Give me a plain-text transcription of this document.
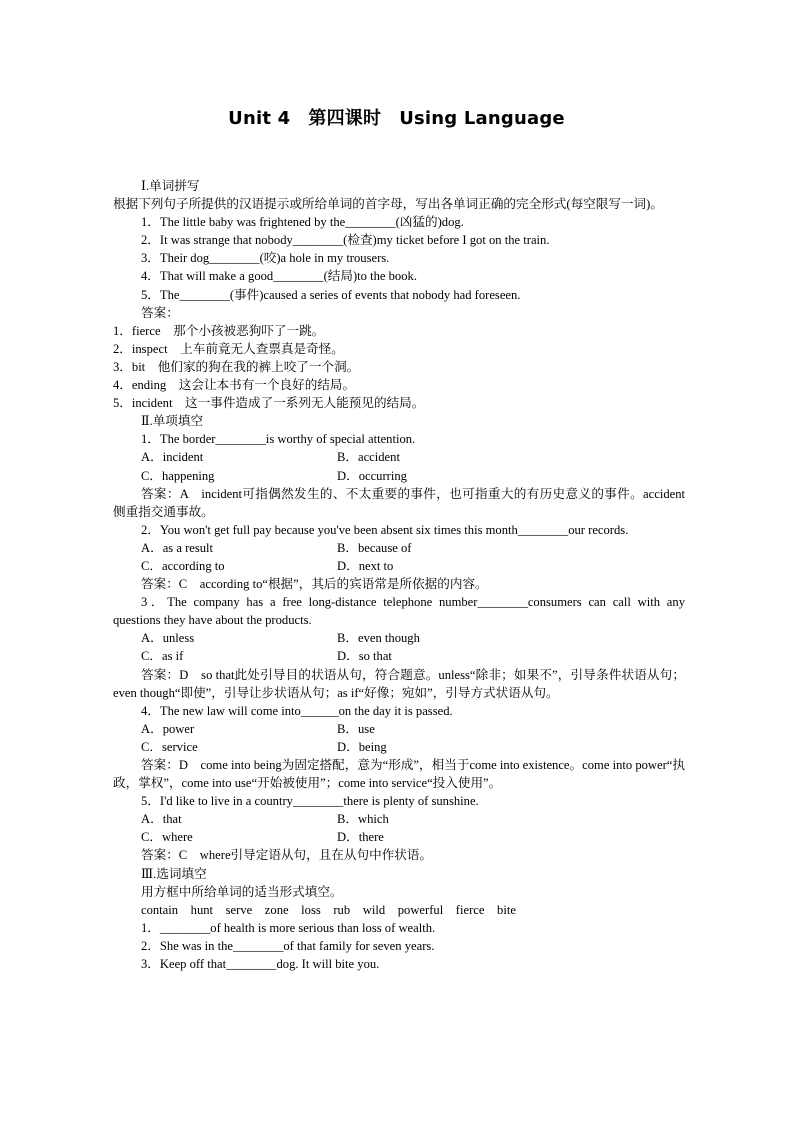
Unit 4 第四课时 Using Language

Ⅰ.单词拼写

根据下列句子所提供的汉语提示或所给单词的首字母，写出各单词正确的完全形式(每空限写一词)。

1．The little baby was frightened by the________(凶猛的)dog.

2．It was strange that nobody________(检查)my ticket before I got on the train.

3．Their dog________(咬)a hole in my trousers.

4．That will make a good________(结局)to the book.

5．The________(事件)caused a series of events that nobody had foreseen.

答案：

1．fierce　那个小孩被恶狗吓了一跳。

2．inspect　上车前竟无人查票真是奇怪。

3．bit　他们家的狗在我的裤上咬了一个洞。

4．ending　这会让本书有一个良好的结局。

5．incident　这一事件造成了一系列无人能预见的结局。

Ⅱ.单项填空

1．The border________is worthy of special attention.

A．incident	B．accident
C．happening	D．occurring

答案：A　incident可指偶然发生的、不太重要的事件，也可指重大的有历史意义的事件。accident侧重指交通事故。

2．You won't get full pay because you've been absent six times this month________our records.

A．as a result	B．because of
C．according to	D．next to

答案：C　according to“根据”，其后的宾语常是所依据的内容。

3．The company has a free long-distance telephone number________consumers can call with any questions they have about the products.

A．unless	B．even though
C．as if	D．so that

答案：D　so that此处引导目的状语从句，符合题意。unless“除非；如果不”，引导条件状语从句；even though“即使”，引导让步状语从句；as if“好像；宛如”，引导方式状语从句。

4．The new law will come into______on the day it is passed.

A．power	B．use
C．service	D．being

答案：D　come into being为固定搭配，意为“形成”，相当于come into existence。come into power“执政，掌权”，come into use“开始被使用”；come into service“投入使用”。

5．I'd like to live in a country________there is plenty of sunshine.

A．that	B．which
C．where	D．there

答案：C　where引导定语从句，且在从句中作状语。

Ⅲ.选词填空

用方框中所给单词的适当形式填空。

contain　hunt　serve　zone　loss　rub　wild　powerful　fierce　bite

1．________of health is more serious than loss of wealth.

2．She was in the________of that family for seven years.

3．Keep off that________dog. It will bite you.
